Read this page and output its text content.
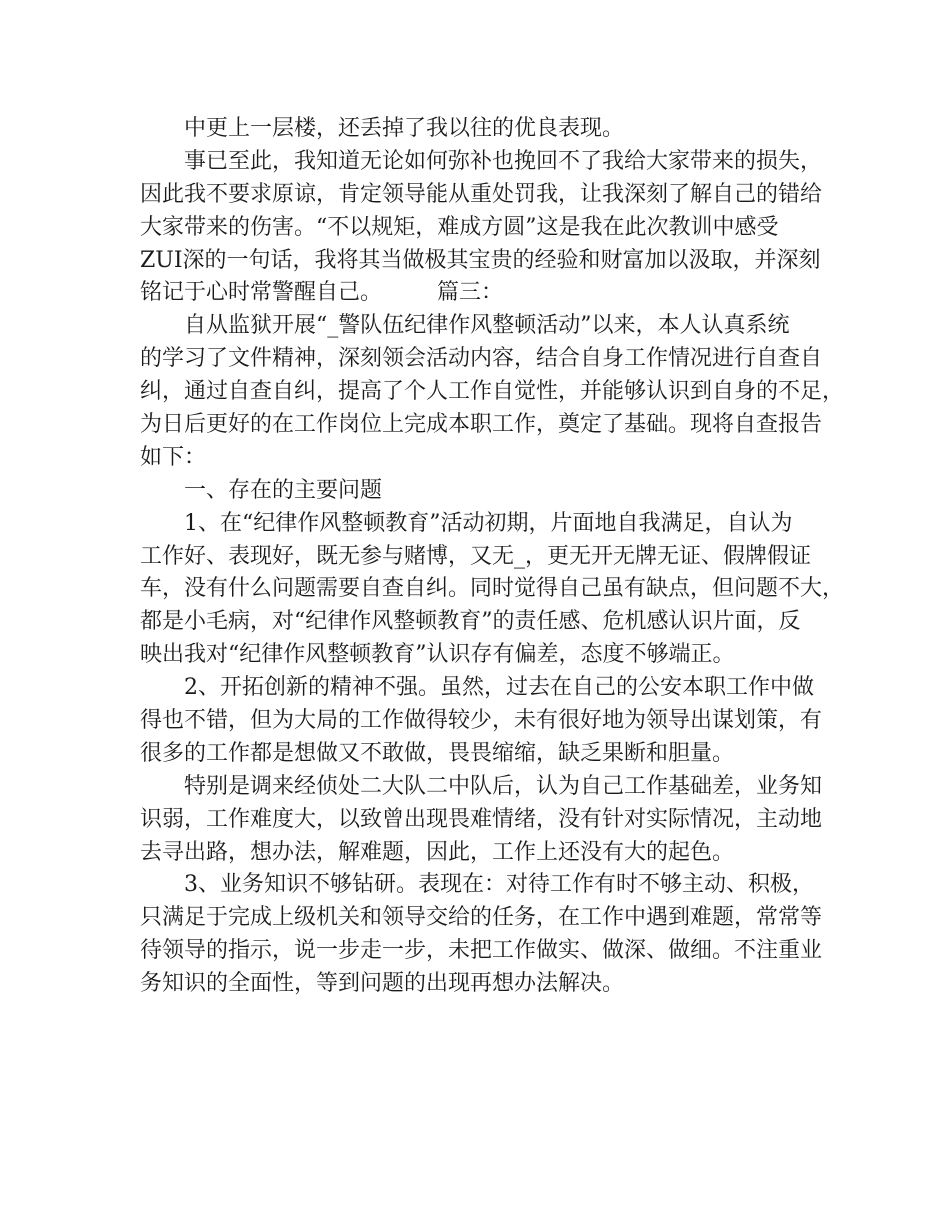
中更上一层楼，还丢掉了我以往的优良表现。
事已至此，我知道无论如何弥补也挽回不了我给大家带来的损失，
因此我不要求原谅，肯定领导能从重处罚我，让我深刻了解自己的错给
大家带来的伤害。“不以规矩，难成方圆”这是我在此次教训中感受
ZUI深的一句话，我将其当做极其宝贵的经验和财富加以汲取，并深刻
铭记于心时常警醒自己。　　　篇三：
自从监狱开展“_警队伍纪律作风整顿活动”以来，本人认真系统
的学习了文件精神，深刻领会活动内容，结合自身工作情况进行自查自
纠，通过自查自纠，提高了个人工作自觉性，并能够认识到自身的不足，
为日后更好的在工作岗位上完成本职工作，奠定了基础。现将自查报告
如下：
一、存在的主要问题
1、在“纪律作风整顿教育”活动初期，片面地自我满足，自认为
工作好、表现好，既无参与赌博，又无_，更无开无牌无证、假牌假证
车，没有什么问题需要自查自纠。同时觉得自己虽有缺点，但问题不大，
都是小毛病，对“纪律作风整顿教育”的责任感、危机感认识片面，反
映出我对“纪律作风整顿教育”认识存有偏差，态度不够端正。
2、开拓创新的精神不强。虽然，过去在自己的公安本职工作中做
得也不错，但为大局的工作做得较少，未有很好地为领导出谋划策，有
很多的工作都是想做又不敢做，畏畏缩缩，缺乏果断和胆量。
特别是调来经侦处二大队二中队后，认为自己工作基础差，业务知
识弱，工作难度大，以致曾出现畏难情绪，没有针对实际情况，主动地
去寻出路，想办法，解难题，因此，工作上还没有大的起色。
3、业务知识不够钻研。表现在：对待工作有时不够主动、积极，
只满足于完成上级机关和领导交给的任务，在工作中遇到难题，常常等
待领导的指示，说一步走一步，未把工作做实、做深、做细。不注重业
务知识的全面性，等到问题的出现再想办法解决。
